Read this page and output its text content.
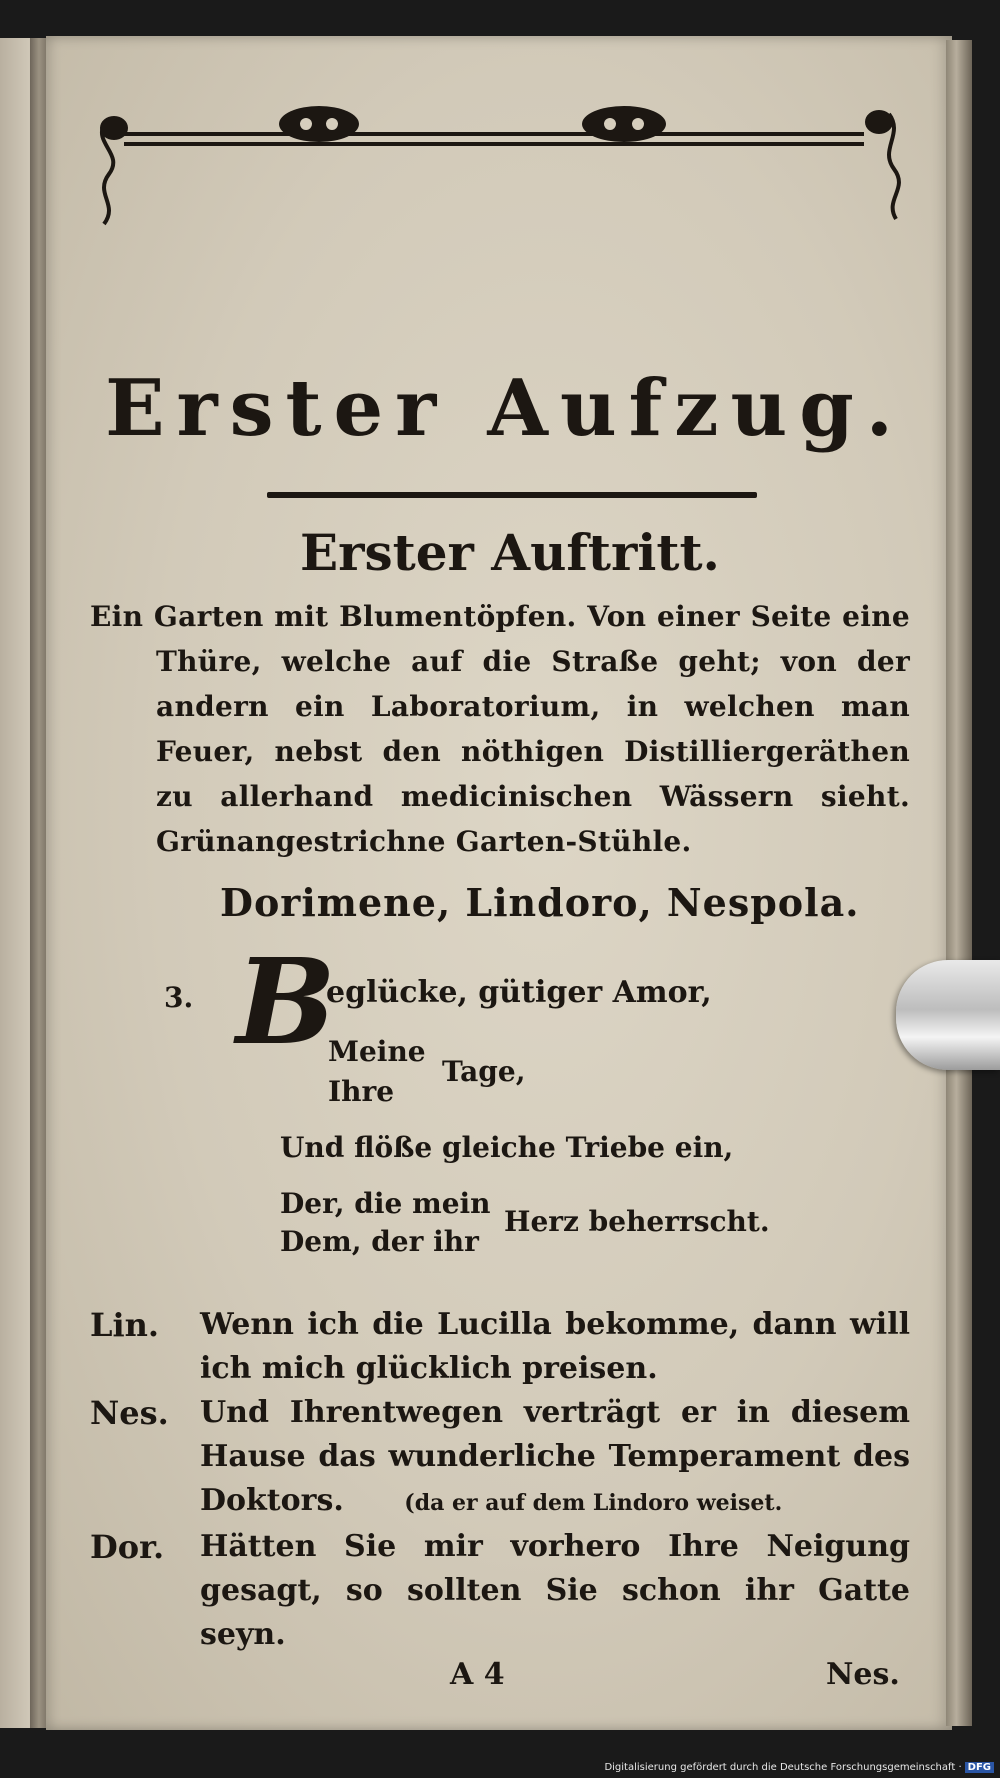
Erster Aufzug.
Erster Auftritt.

Ein Garten mit Blumentöpfen. Von einer Seite eine Thüre, welche auf die Straße geht; von der andern ein Laboratorium, in welchen man Feuer, nebst den nöthigen Distilliergeräthen zu allerhand medicinischen Wässern sieht. Grünangestrichne Garten-Stühle.

Dorimene, Lindoro, Nespola.
3. B
eglücke, gütiger Amor,
Meine
Ihre
Tage,
Und flöße gleiche Triebe ein,
Der, die mein
Dem, der ihr
Herz beherrscht.
Lin. Wenn ich die Lucilla bekomme, dann will ich mich glücklich preisen.
Nes. Und Ihrentwegen verträgt er in diesem Hause das wunderliche Temperament des Doktors.	(da er auf dem Lindoro weiset.
Dor. Hätten Sie mir vorhero Ihre Neigung gesagt, so sollten Sie schon ihr Gatte seyn.
A 4	Nes.
Digitalisierung gefördert durch die Deutsche Forschungsgemeinschaft · DFG
